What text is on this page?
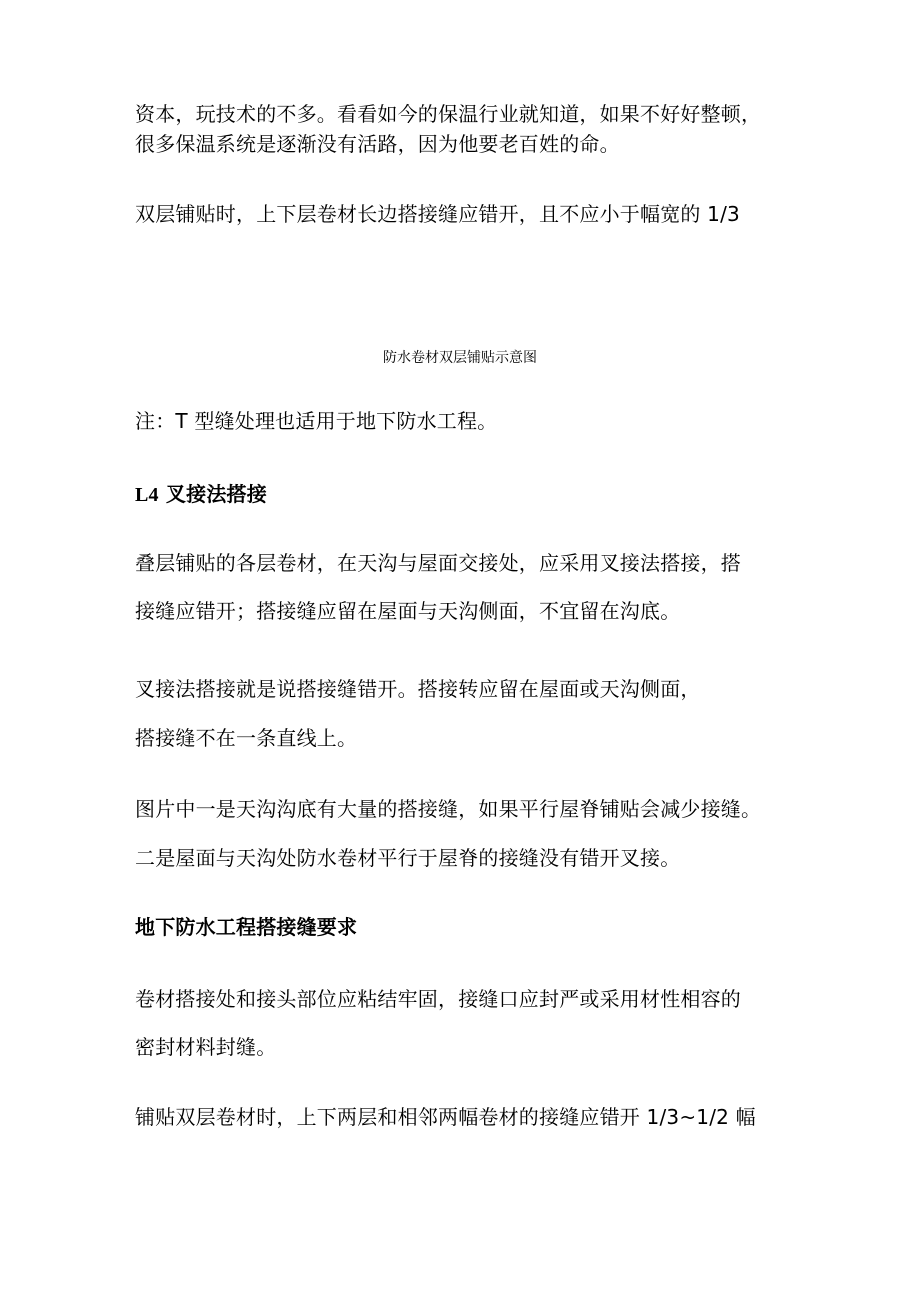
资本，玩技术的不多。看看如今的保温行业就知道，如果不好好整顿，
很多保温系统是逐渐没有活路，因为他要老百姓的命。
双层铺贴时，上下层卷材长边搭接缝应错开，且不应小于幅宽的 1/3
防水卷材双层铺贴示意图
注：T 型缝处理也适用于地下防水工程。
L4 叉接法搭接
叠层铺贴的各层卷材，在天沟与屋面交接处，应采用叉接法搭接，搭
接缝应错开；搭接缝应留在屋面与天沟侧面，不宜留在沟底。
叉接法搭接就是说搭接缝错开。搭接转应留在屋面或天沟侧面，
搭接缝不在一条直线上。
图片中一是天沟沟底有大量的搭接缝，如果平行屋脊铺贴会减少接缝。
二是屋面与天沟处防水卷材平行于屋脊的接缝没有错开叉接。
地下防水工程搭接缝要求
卷材搭接处和接头部位应粘结牢固，接缝口应封严或采用材性相容的
密封材料封缝。
铺贴双层卷材时，上下两层和相邻两幅卷材的接缝应错开 1/3~1/2 幅
